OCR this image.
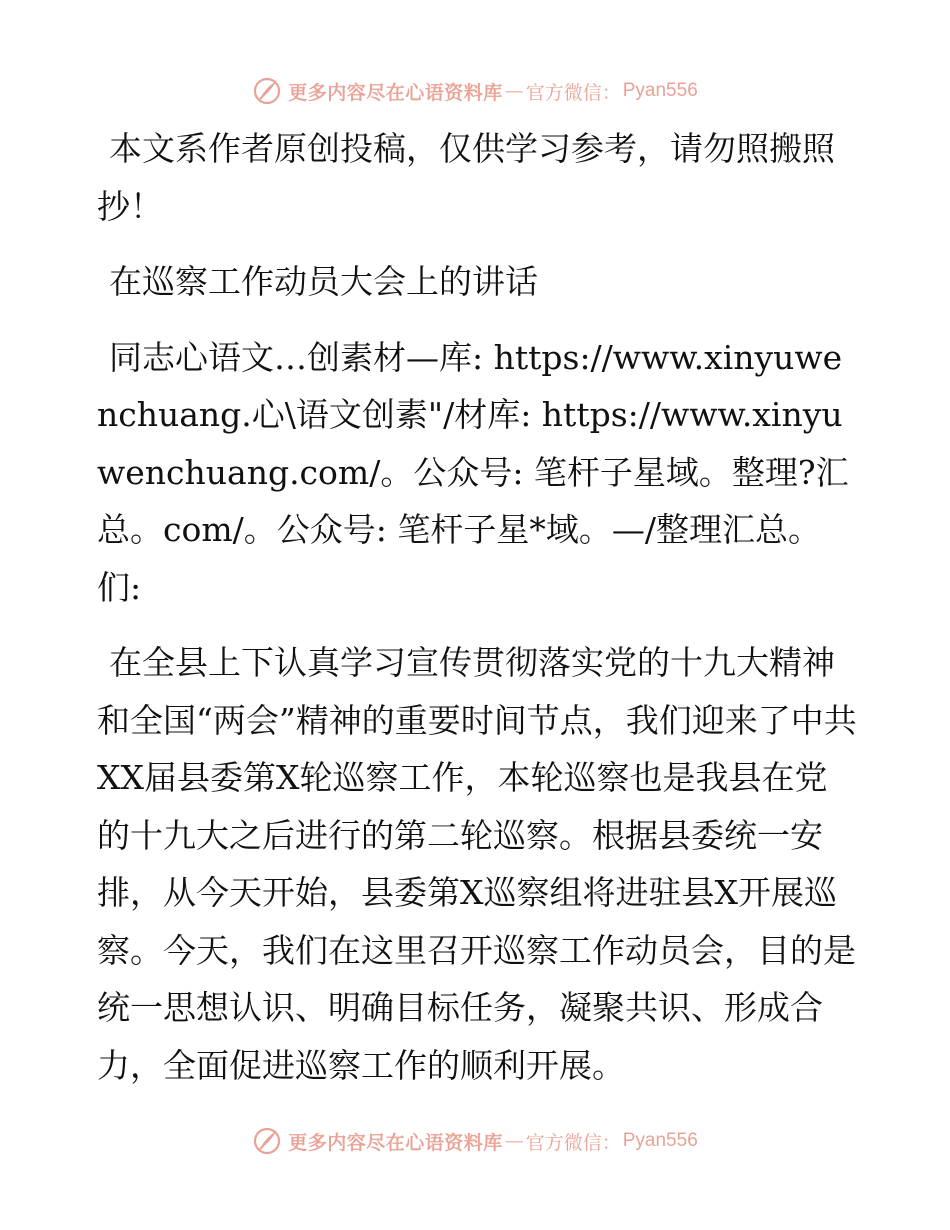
更多内容尽在心语资料库 — 官方微信： Pyan556

本文系作者原创投稿，仅供学习参考，请勿照搬照抄！

在巡察工作动员大会上的讲话

同志心语文…创素材—库: https://www.xinyuwenchuang.心\语文创素"/材库: https://www.xinyuwenchuang.com/。公众号: 笔杆子星域。整理?汇总。com/。公众号: 笔杆子星*域。—/整理汇总。们:

在全县上下认真学习宣传贯彻落实党的十九大精神和全国“两会”精神的重要时间节点，我们迎来了中共XX届县委第X轮巡察工作，本轮巡察也是我县在党的十九大之后进行的第二轮巡察。根据县委统一安排，从今天开始，县委第X巡察组将进驻县X开展巡察。今天，我们在这里召开巡察工作动员会，目的是统一思想认识、明确目标任务，凝聚共识、形成合力，全面促进巡察工作的顺利开展。

更多内容尽在心语资料库 — 官方微信： Pyan556
